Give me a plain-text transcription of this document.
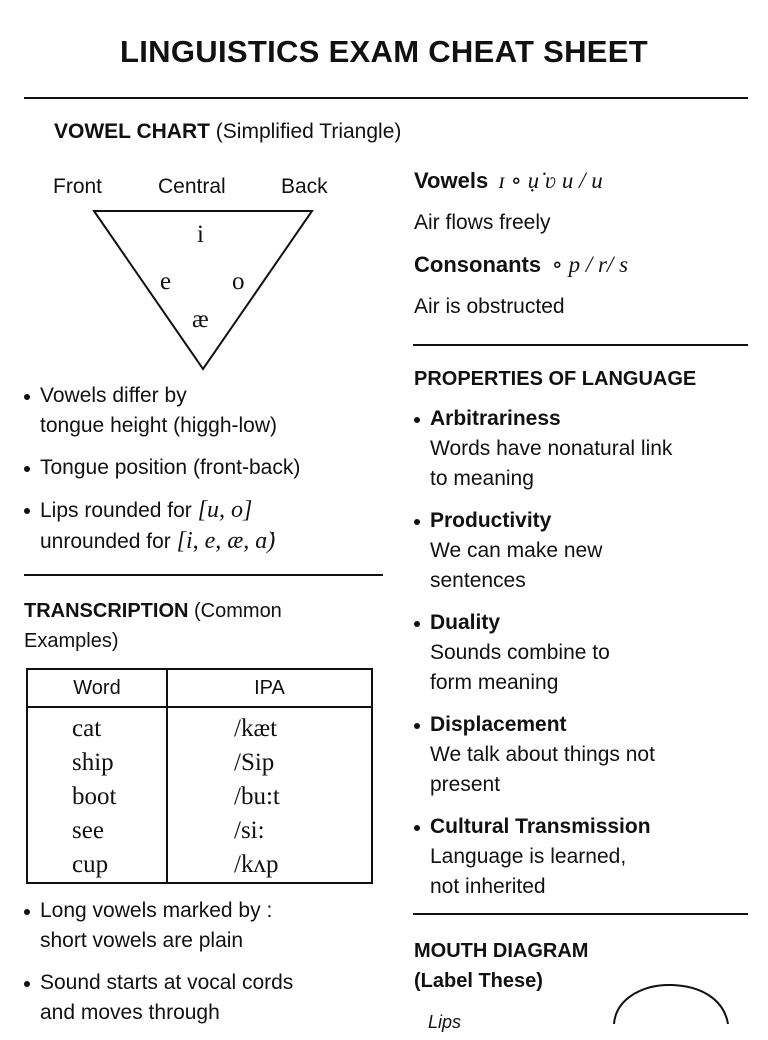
LINGUISTICS EXAM CHEAT SHEET
VOWEL CHART (Simplified Triangle)
Front	Central	Back
i
e o
æ
Vowels differ by
tongue height (higgh-low)
Tongue position (front-back)
Lips rounded for [u, o]
unrounded for [i, e, æ, ɑ̇)
TRANSCRIPTION (Common
Examples)
Word	IPA
cat	/kæt
ship	/Sip
boot	/bu:t
see	/si:
cup	/kʌp
Long vowels marked by :
short vowels are plain
Sound starts at vocal cords
and moves through
Vowels ɪ ∘ ụ̇ ʋ u / u
Air flows freely
Consonants ∘ p / r/ s
Air is obstructed
PROPERTIES OF LANGUAGE
Arbitrariness
Words have nonatural link
to meaning
Productivity
We can make new
sentences
Duality
Sounds combine to
form meaning
Displacement
We talk about things not
present
Cultural Transmission
Language is learned,
not inherited
MOUTH DIAGRAM
(Label These)
Lips
